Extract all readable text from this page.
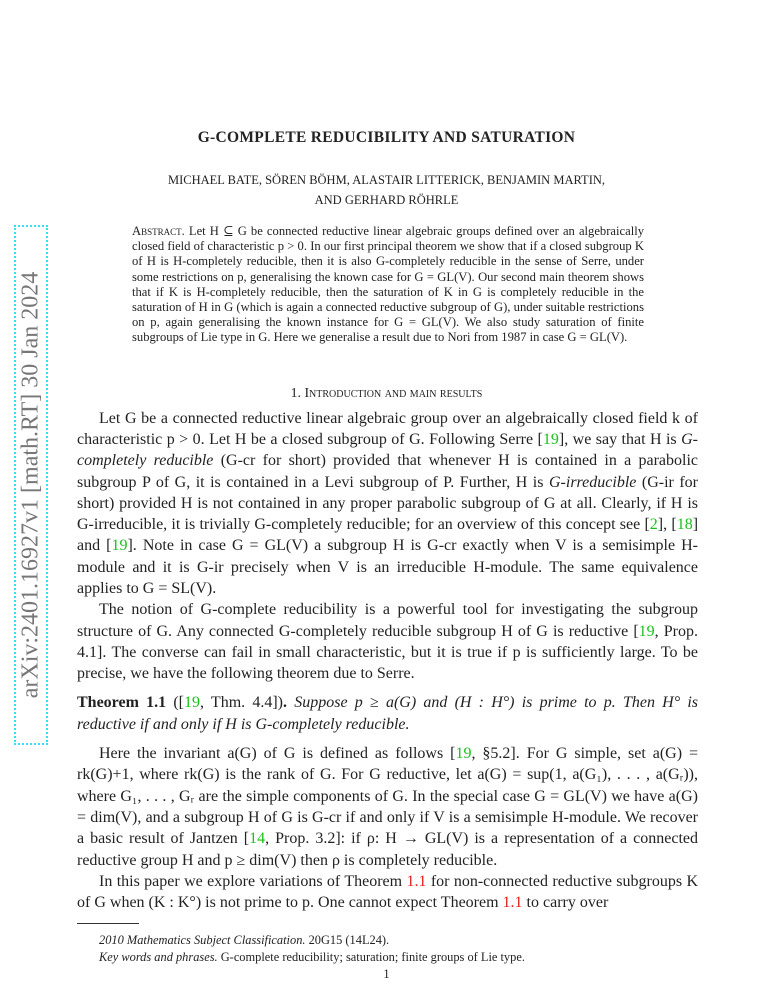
arXiv:2401.16927v1 [math.RT] 30 Jan 2024
G-COMPLETE REDUCIBILITY AND SATURATION
MICHAEL BATE, SÖREN BÖHM, ALASTAIR LITTERICK, BENJAMIN MARTIN,
AND GERHARD RÖHRLE
Abstract. Let H ⊆ G be connected reductive linear algebraic groups defined over an algebraically closed field of characteristic p > 0. In our first principal theorem we show that if a closed subgroup K of H is H-completely reducible, then it is also G-completely reducible in the sense of Serre, under some restrictions on p, generalising the known case for G = GL(V). Our second main theorem shows that if K is H-completely reducible, then the saturation of K in G is completely reducible in the saturation of H in G (which is again a connected reductive subgroup of G), under suitable restrictions on p, again generalising the known instance for G = GL(V). We also study saturation of finite subgroups of Lie type in G. Here we generalise a result due to Nori from 1987 in case G = GL(V).
1. Introduction and main results

Let G be a connected reductive linear algebraic group over an algebraically closed field k of characteristic p > 0. Let H be a closed subgroup of G. Following Serre [19], we say that H is G-completely reducible (G-cr for short) provided that whenever H is contained in a parabolic subgroup P of G, it is contained in a Levi subgroup of P. Further, H is G-irreducible (G-ir for short) provided H is not contained in any proper parabolic subgroup of G at all. Clearly, if H is G-irreducible, it is trivially G-completely reducible; for an overview of this concept see [2], [18] and [19]. Note in case G = GL(V) a subgroup H is G-cr exactly when V is a semisimple H-module and it is G-ir precisely when V is an irreducible H-module. The same equivalence applies to G = SL(V).

The notion of G-complete reducibility is a powerful tool for investigating the subgroup structure of G. Any connected G-completely reducible subgroup H of G is reductive [19, Prop. 4.1]. The converse can fail in small characteristic, but it is true if p is sufficiently large. To be precise, we have the following theorem due to Serre.

Theorem 1.1 ([19, Thm. 4.4]). Suppose p ≥ a(G) and (H : H°) is prime to p. Then H° is reductive if and only if H is G-completely reducible.

Here the invariant a(G) of G is defined as follows [19, §5.2]. For G simple, set a(G) = rk(G)+1, where rk(G) is the rank of G. For G reductive, let a(G) = sup(1, a(G₁), . . . , a(Gᵣ)), where G₁, . . . , Gᵣ are the simple components of G. In the special case G = GL(V) we have a(G) = dim(V), and a subgroup H of G is G-cr if and only if V is a semisimple H-module. We recover a basic result of Jantzen [14, Prop. 3.2]: if ρ: H → GL(V) is a representation of a connected reductive group H and p ≥ dim(V) then ρ is completely reducible.

In this paper we explore variations of Theorem 1.1 for non-connected reductive subgroups K of G when (K : K°) is not prime to p. One cannot expect Theorem 1.1 to carry over

2010 Mathematics Subject Classification. 20G15 (14L24).
Key words and phrases. G-complete reducibility; saturation; finite groups of Lie type.
1
